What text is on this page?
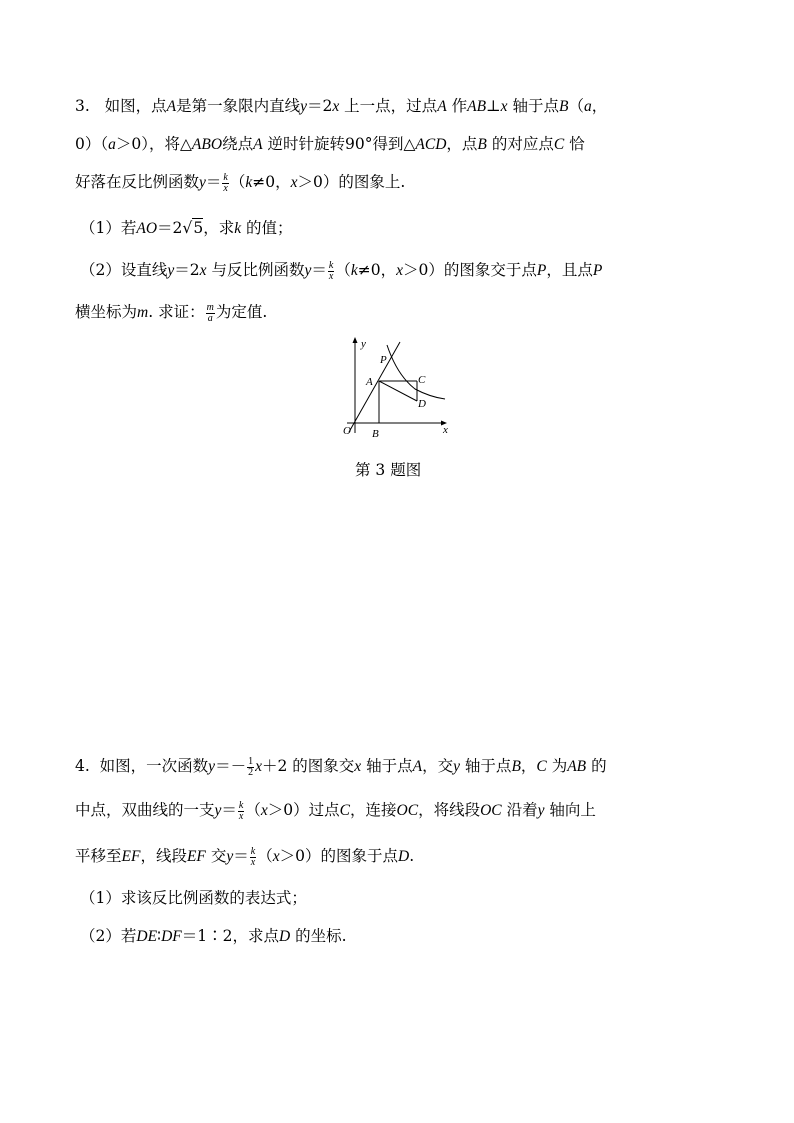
3. 如图，点A是第一象限内直线y＝2x 上一点，过点A 作AB⊥x 轴于点B（a，
0）（a＞0），将△ABO绕点A 逆时针旋转90°得到△ACD，点B 的对应点C 恰
好落在反比例函数$y= \frac{k}{x} (k\ne 0$，x＞0）的图象上.
（1）若AO＝2√5，求k 的值；
（2）设直线y＝2x 与反比例函数$y= \frac{k}{x} (k\ne 0$，x＞0）的图象交于点P，且点P
横坐标为m. 求证： $\frac{m}{a}$ 为定值.
y
x
O
P
A
B
C
D
第 3 题图
4. 如图，一次函数$y=- \frac{1}{2} x+2$ 的图象交x 轴于点A，交y 轴于点B，C 为AB 的
中点，双曲线的一支$y= \frac{k}{x} (x>0)$过点C，连接OC，将线段OC 沿着y 轴向上
平移至EF，线段EF 交$y= \frac{k}{x} (x>0)$的图象于点D.
（1）求该反比例函数的表达式；
（2）若DE∶DF＝1∶2，求点D 的坐标.
